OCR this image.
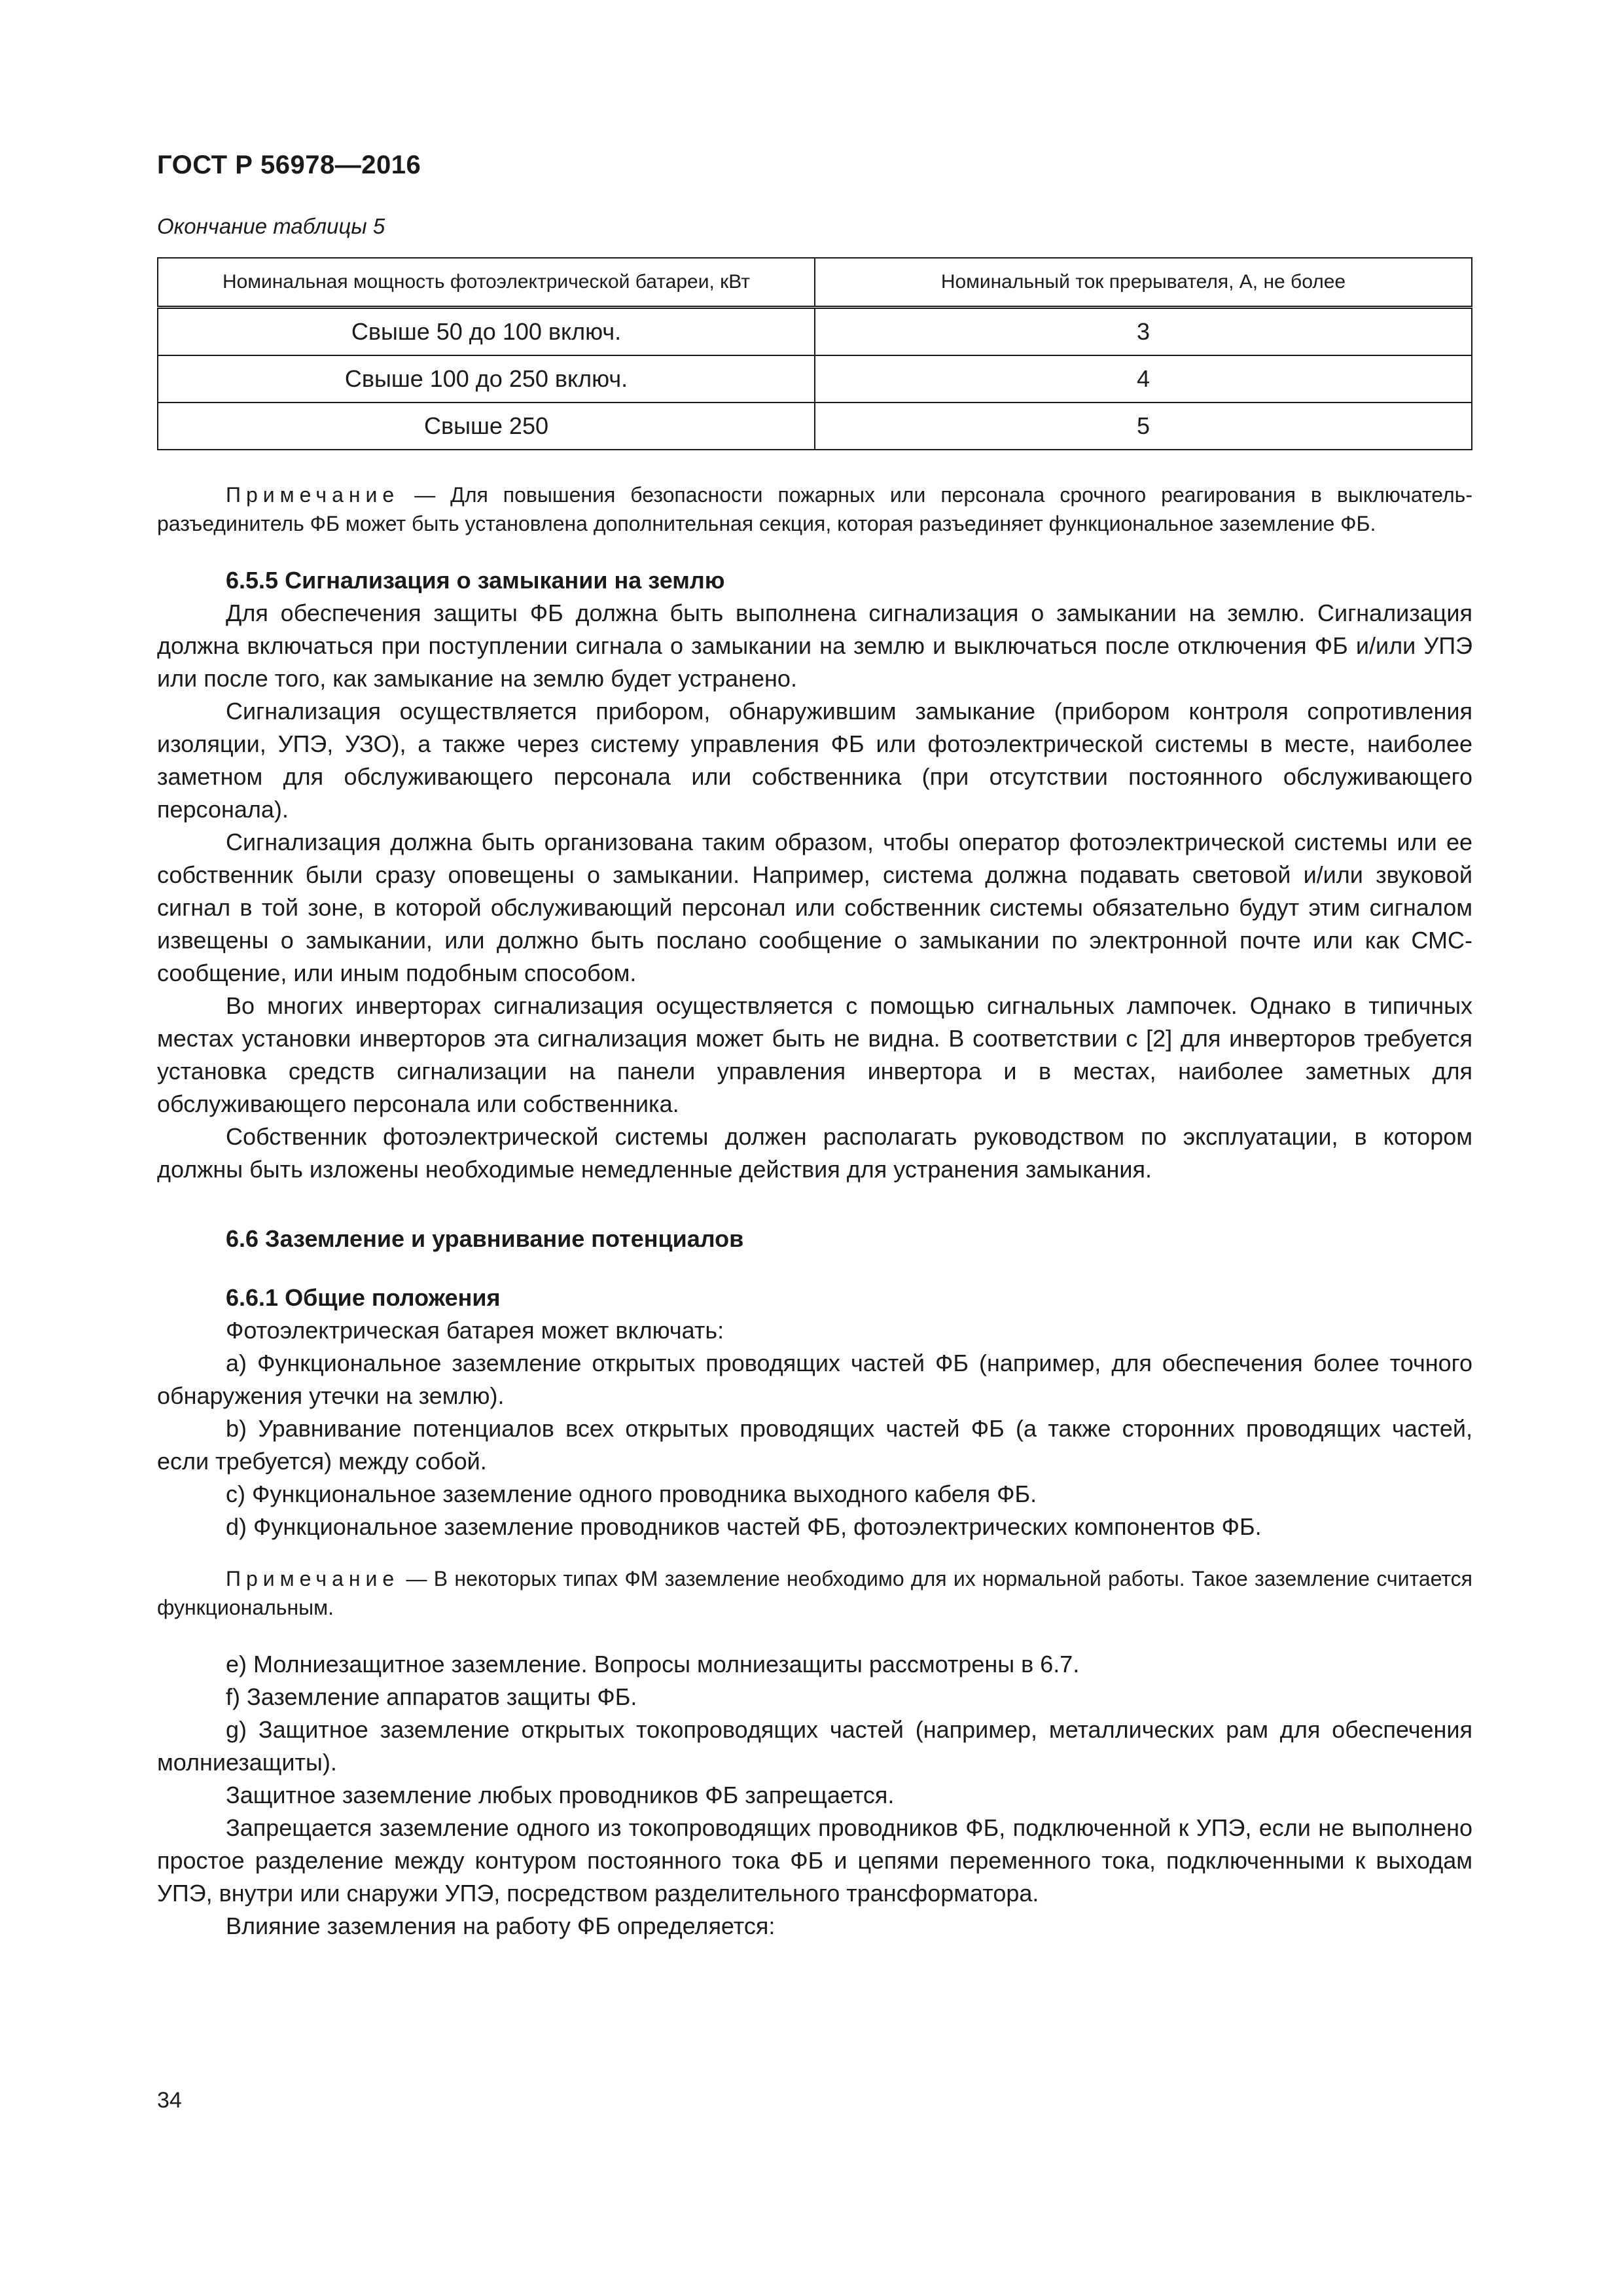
ГОСТ Р 56978—2016
Окончание таблицы 5
Номинальная мощность фотоэлектрической батареи, кВт	Номинальный ток прерывателя, А, не более
Свыше 50 до 100 включ.	3
Свыше 100 до 250 включ.	4
Свыше 250	5

Примечание — Для повышения безопасности пожарных или персонала срочного реагирования в выключатель-разъединитель ФБ может быть установлена дополнительная секция, которая разъединяет функциональное заземление ФБ.

6.5.5 Сигнализация о замыкании на землю

Для обеспечения защиты ФБ должна быть выполнена сигнализация о замыкании на землю. Сигнализация должна включаться при поступлении сигнала о замыкании на землю и выключаться после отключения ФБ и/или УПЭ или после того, как замыкание на землю будет устранено.

Сигнализация осуществляется прибором, обнаружившим замыкание (прибором контроля сопротивления изоляции, УПЭ, УЗО), а также через систему управления ФБ или фотоэлектрической системы в месте, наиболее заметном для обслуживающего персонала или собственника (при отсутствии постоянного обслуживающего персонала).

Сигнализация должна быть организована таким образом, чтобы оператор фотоэлектрической системы или ее собственник были сразу оповещены о замыкании. Например, система должна подавать световой и/или звуковой сигнал в той зоне, в которой обслуживающий персонал или собственник системы обязательно будут этим сигналом извещены о замыкании, или должно быть послано сообщение о замыкании по электронной почте или как СМС-сообщение, или иным подобным способом.

Во многих инверторах сигнализация осуществляется с помощью сигнальных лампочек. Однако в типичных местах установки инверторов эта сигнализация может быть не видна. В соответствии с [2] для инверторов требуется установка средств сигнализации на панели управления инвертора и в местах, наиболее заметных для обслуживающего персонала или собственника.

Собственник фотоэлектрической системы должен располагать руководством по эксплуатации, в котором должны быть изложены необходимые немедленные действия для устранения замыкания.

6.6 Заземление и уравнивание потенциалов

6.6.1 Общие положения

Фотоэлектрическая батарея может включать:

a) Функциональное заземление открытых проводящих частей ФБ (например, для обеспечения более точного обнаружения утечки на землю).

b) Уравнивание потенциалов всех открытых проводящих частей ФБ (а также сторонних проводящих частей, если требуется) между собой.

c) Функциональное заземление одного проводника выходного кабеля ФБ.

d) Функциональное заземление проводников частей ФБ, фотоэлектрических компонентов ФБ.

Примечание — В некоторых типах ФМ заземление необходимо для их нормальной работы. Такое заземление считается функциональным.

e) Молниезащитное заземление. Вопросы молниезащиты рассмотрены в 6.7.

f) Заземление аппаратов защиты ФБ.

g) Защитное заземление открытых токопроводящих частей (например, металлических рам для обеспечения молниезащиты).

Защитное заземление любых проводников ФБ запрещается.

Запрещается заземление одного из токопроводящих проводников ФБ, подключенной к УПЭ, если не выполнено простое разделение между контуром постоянного тока ФБ и цепями переменного тока, подключенными к выходам УПЭ, внутри или снаружи УПЭ, посредством разделительного трансформатора.

Влияние заземления на работу ФБ определяется:

34
